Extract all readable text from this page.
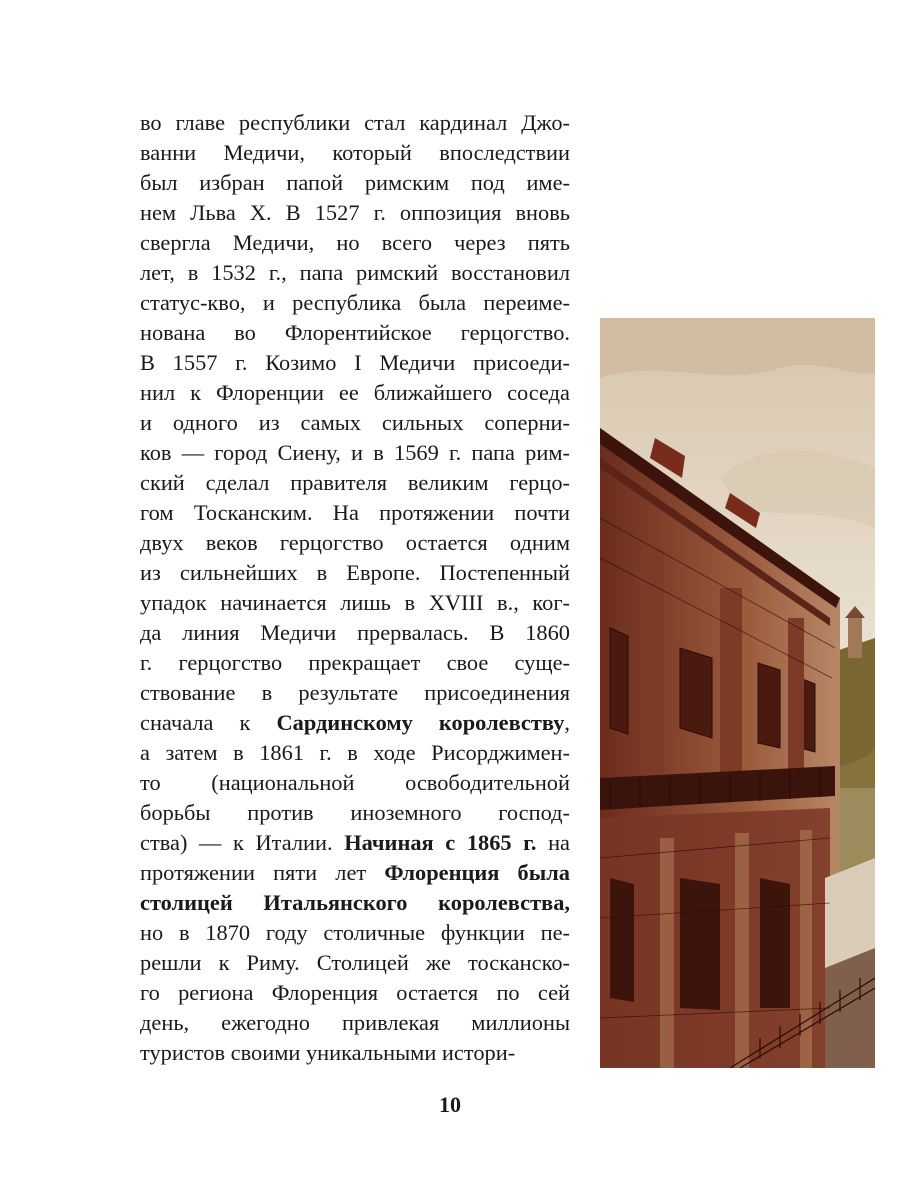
во главе республики стал кардинал Джо-
ванни Медичи, который впоследствии
был избран папой римским под име-
нем Льва X. В 1527 г. оппозиция вновь
свергла Медичи, но всего через пять
лет, в 1532 г., папа римский восстановил
статус-кво, и республика была переиме-
нована во Флорентийское герцогство.
В 1557 г. Козимо I Медичи присоеди-
нил к Флоренции ее ближайшего соседа
и одного из самых сильных соперни-
ков — город Сиену, и в 1569 г. папа рим-
ский сделал правителя великим герцо-
гом Тосканским. На протяжении почти
двух веков герцогство остается одним
из сильнейших в Европе. Постепенный
упадок начинается лишь в XVIII в., ког-
да линия Медичи прервалась. В 1860
г. герцогство прекращает свое суще-
ствование в результате присоединения
сначала к Сардинскому королевству,
а затем в 1861 г. в ходе Рисорджимен-
то (национальной освободительной
борьбы против иноземного господ-
ства) — к Италии. Начиная с 1865 г. на
протяжении пяти лет Флоренция была
столицей Итальянского королевства,
но в 1870 году столичные функции пе-
решли к Риму. Столицей же тосканско-
го региона Флоренция остается по сей
день, ежегодно привлекая миллионы
туристов своими уникальными истори-
10
